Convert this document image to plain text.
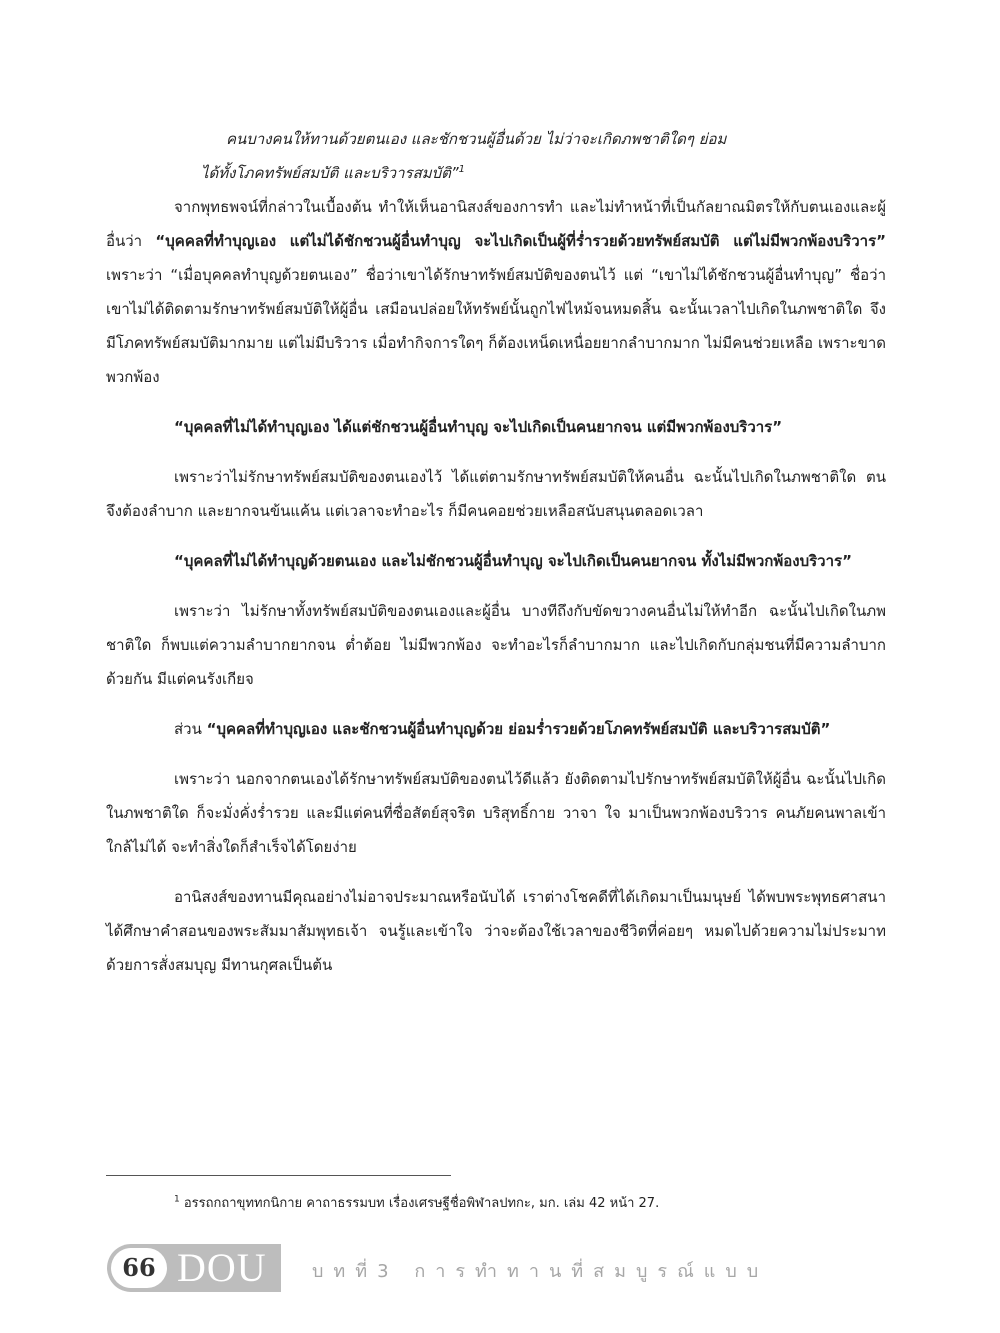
คนบางคนให้ทานด้วยตนเอง และชักชวนผู้อื่นด้วย ไม่ว่าจะเกิดภพชาติใดๆ ย่อม
ได้ทั้งโภคทรัพย์สมบัติ และบริวารสมบัติ”$^1$

จากพุทธพจน์ที่กล่าวในเบื้องต้น ทำให้เห็นอานิสงส์ของการทำ และไม่ทำหน้าที่เป็นกัลยาณมิตรให้กับตนเองและผู้อื่นว่า “บุคคลที่ทำบุญเอง แต่ไม่ได้ชักชวนผู้อื่นทำบุญ จะไปเกิดเป็นผู้ที่ร่ำรวยด้วยทรัพย์สมบัติ แต่ไม่มีพวกพ้องบริวาร” เพราะว่า “เมื่อบุคคลทำบุญด้วยตนเอง” ชื่อว่าเขาได้รักษาทรัพย์สมบัติของตนไว้ แต่ “เขาไม่ได้ชักชวนผู้อื่นทำบุญ” ชื่อว่าเขาไม่ได้ติดตามรักษาทรัพย์สมบัติให้ผู้อื่น เสมือนปล่อยให้ทรัพย์นั้นถูกไฟไหม้จนหมดสิ้น ฉะนั้นเวลาไปเกิดในภพชาติใด จึงมีโภคทรัพย์สมบัติมากมาย แต่ไม่มีบริวาร เมื่อทำกิจการใดๆ ก็ต้องเหน็ดเหนื่อยยากลำบากมาก ไม่มีคนช่วยเหลือ เพราะขาดพวกพ้อง

“บุคคลที่ไม่ได้ทำบุญเอง ได้แต่ชักชวนผู้อื่นทำบุญ จะไปเกิดเป็นคนยากจน แต่มีพวกพ้องบริวาร”

เพราะว่าไม่รักษาทรัพย์สมบัติของตนเองไว้ ได้แต่ตามรักษาทรัพย์สมบัติให้คนอื่น ฉะนั้นไปเกิดในภพชาติใด ตนจึงต้องลำบาก และยากจนข้นแค้น แต่เวลาจะทำอะไร ก็มีคนคอยช่วยเหลือสนับสนุนตลอดเวลา

“บุคคลที่ไม่ได้ทำบุญด้วยตนเอง และไม่ชักชวนผู้อื่นทำบุญ จะไปเกิดเป็นคนยากจน ทั้งไม่มีพวกพ้องบริวาร”

เพราะว่า ไม่รักษาทั้งทรัพย์สมบัติของตนเองและผู้อื่น บางทีถึงกับขัดขวางคนอื่นไม่ให้ทำอีก ฉะนั้นไปเกิดในภพชาติใด ก็พบแต่ความลำบากยากจน ต่ำต้อย ไม่มีพวกพ้อง จะทำอะไรก็ลำบากมาก และไปเกิดกับกลุ่มชนที่มีความลำบากด้วยกัน มีแต่คนรังเกียจ

ส่วน “บุคคลที่ทำบุญเอง และชักชวนผู้อื่นทำบุญด้วย ย่อมร่ำรวยด้วยโภคทรัพย์สมบัติ และบริวารสมบัติ”

เพราะว่า นอกจากตนเองได้รักษาทรัพย์สมบัติของตนไว้ดีแล้ว ยังติดตามไปรักษาทรัพย์สมบัติให้ผู้อื่น ฉะนั้นไปเกิดในภพชาติใด ก็จะมั่งคั่งร่ำรวย และมีแต่คนที่ซื่อสัตย์สุจริต บริสุทธิ์กาย วาจา ใจ มาเป็นพวกพ้องบริวาร คนภัยคนพาลเข้าใกล้ไม่ได้ จะทำสิ่งใดก็สำเร็จได้โดยง่าย

อานิสงส์ของทานมีคุณอย่างไม่อาจประมาณหรือนับได้ เราต่างโชคดีที่ได้เกิดมาเป็นมนุษย์ ได้พบพระพุทธศาสนา ได้ศึกษาคำสอนของพระสัมมาสัมพุทธเจ้า จนรู้และเข้าใจ ว่าจะต้องใช้เวลาของชีวิตที่ค่อยๆ หมดไปด้วยความไม่ประมาท ด้วยการสั่งสมบุญ มีทานกุศลเป็นต้น

$^1$ อรรถกถาขุททกนิกาย คาถาธรรมบท เรื่องเศรษฐีชื่อพิฬาลปทกะ, มก. เล่ม 42 หน้า 27.
66 DOU	บทที่3 การทำทานที่สมบูรณ์แบบ
